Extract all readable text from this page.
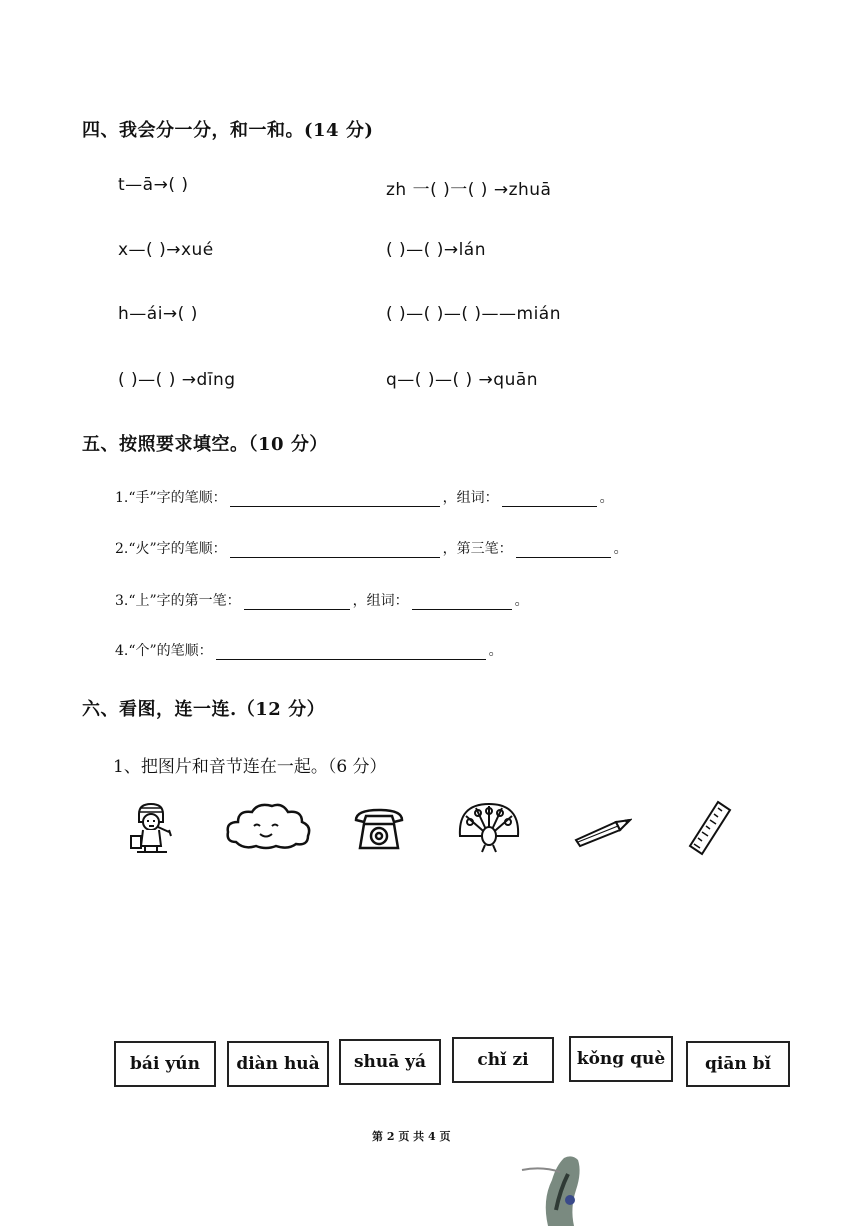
四、我会分一分，和一和。(14 分)
t—ā→( )	zh 一( )一( ) →zhuā
x—( )→xué	( )—( )→lán
h—ái→( )	( )—( )—( )——mián
( )—( ) →dīng	q—( )—( ) →quān
五、按照要求填空。（10 分）
1.“手”字的笔顺：	，组词：	。
2.“火”字的笔顺：	，第三笔：	。
3.“上”字的第一笔：	，组词：	。
4.“个”的笔顺：	。
六、看图，连一连.（12 分）
1、把图片和音节连在一起。（6 分）
bái yún	diàn huà	shuā yá	chǐ zi	kǒng què	qiān bǐ
第 2 页 共 4 页
